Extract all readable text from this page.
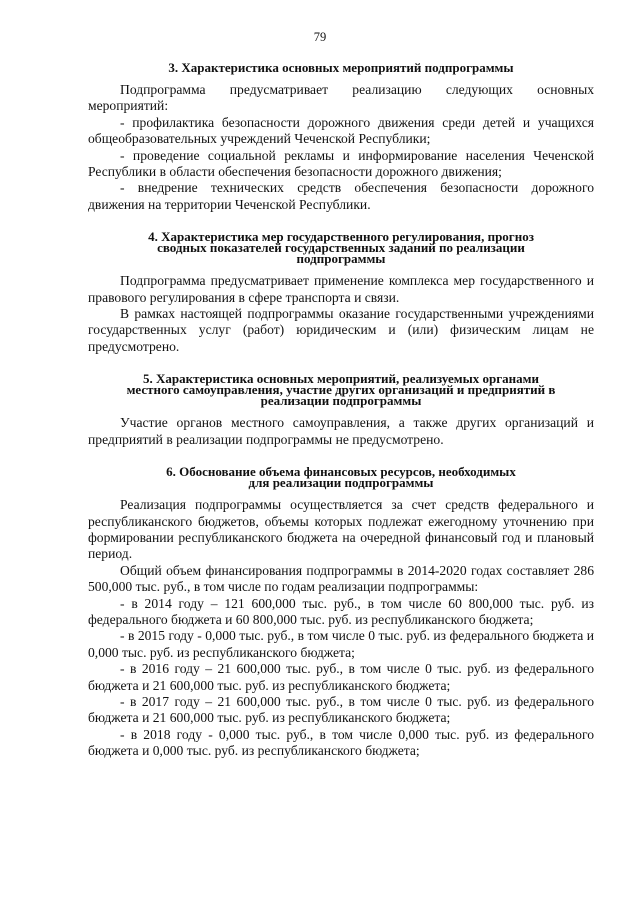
79
3. Характеристика основных мероприятий подпрограммы
Подпрограмма предусматривает реализацию следующих основных мероприятий:
- профилактика безопасности дорожного движения среди детей и учащихся общеобразовательных учреждений Чеченской Республики;
- проведение социальной рекламы и информирование населения Чеченской Республики в области обеспечения безопасности дорожного движения;
- внедрение технических средств обеспечения безопасности дорожного движения на территории Чеченской Республики.
4. Характеристика мер государственного регулирования, прогноз
сводных показателей государственных заданий по реализации
подпрограммы
Подпрограмма предусматривает применение комплекса мер государственного и правового регулирования в сфере транспорта и связи.
В рамках настоящей подпрограммы оказание государственными учреждениями государственных услуг (работ) юридическим и (или) физическим лицам не предусмотрено.
5. Характеристика основных мероприятий, реализуемых органами
местного самоуправления, участие других организаций и предприятий в
реализации подпрограммы
Участие органов местного самоуправления, а также других организаций и предприятий в реализации подпрограммы не предусмотрено.
6. Обоснование объема финансовых ресурсов, необходимых
для реализации подпрограммы
Реализация подпрограммы осуществляется за счет средств федерального и республиканского бюджетов, объемы которых подлежат ежегодному уточнению при формировании республиканского бюджета на очередной финансовый год и плановый период.
Общий объем финансирования подпрограммы в 2014-2020 годах составляет 286 500,000 тыс. руб., в том числе по годам реализации подпрограммы:
- в 2014 году – 121 600,000 тыс. руб., в том числе 60 800,000 тыс. руб. из федерального бюджета и 60 800,000 тыс. руб. из республиканского бюджета;
- в 2015 году - 0,000 тыс. руб., в том числе 0 тыс. руб. из федерального бюджета и 0,000 тыс. руб. из республиканского бюджета;
- в 2016 году – 21 600,000 тыс. руб., в том числе 0 тыс. руб. из федерального бюджета и 21 600,000 тыс. руб. из республиканского бюджета;
- в 2017 году – 21 600,000 тыс. руб., в том числе 0 тыс. руб. из федерального бюджета и 21 600,000 тыс. руб. из республиканского бюджета;
- в 2018 году - 0,000 тыс. руб., в том числе 0,000 тыс. руб. из федерального бюджета и 0,000 тыс. руб. из республиканского бюджета;
